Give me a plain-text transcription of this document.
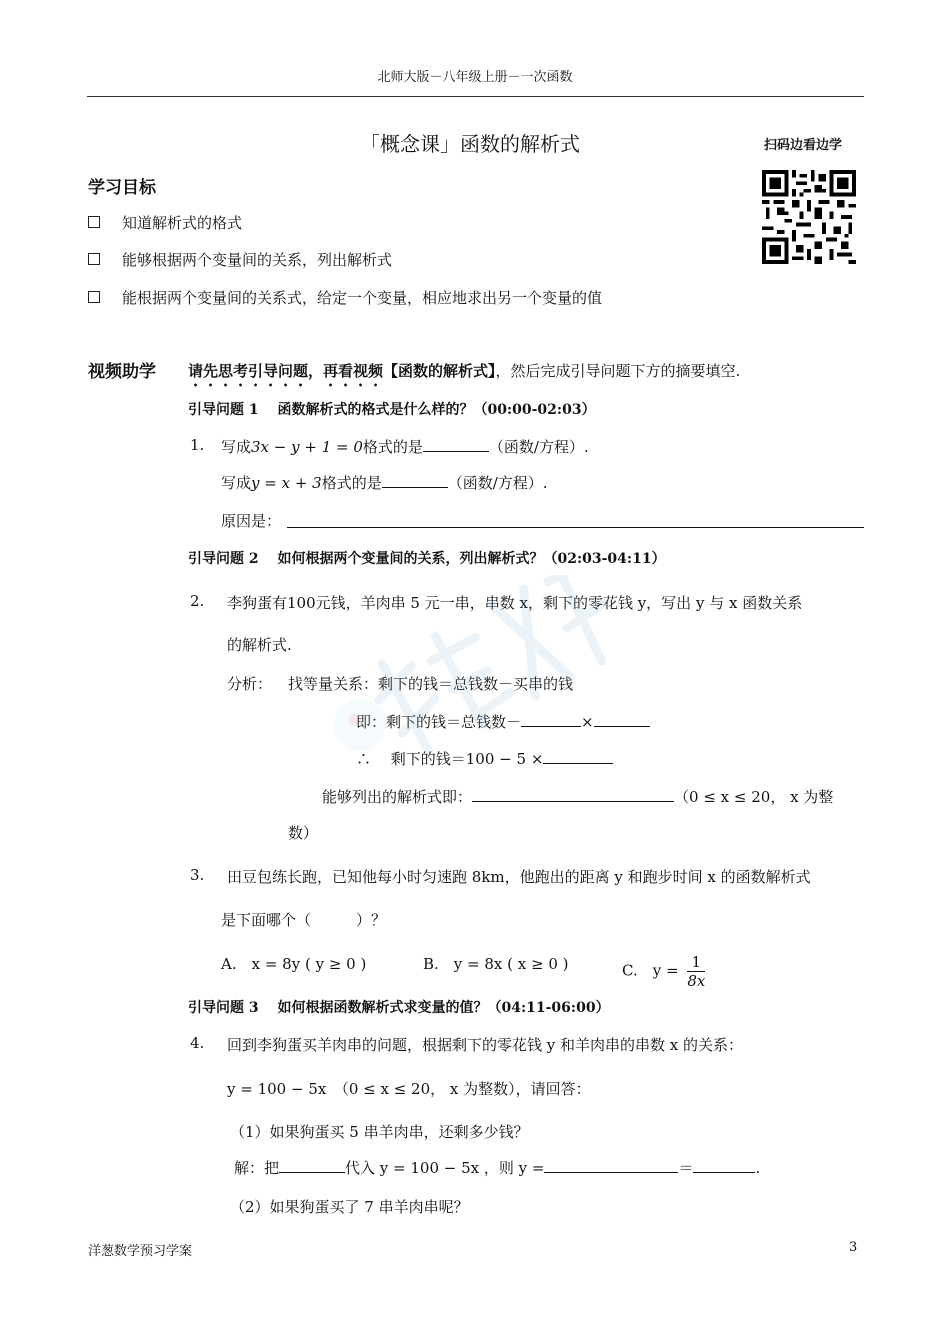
北师大版－八年级上册－一次函数
「概念课」函数的解析式	扫码边看边学
学习目标
知道解析式的格式
能够根据两个变量间的关系，列出解析式
能根据两个变量间的关系式，给定一个变量，相应地求出另一个变量的值
视频助学 请先思考引导问题，再看视频【函数的解析式】，然后完成引导问题下方的摘要填空.
引导问题 1　 函数解析式的格式是什么样的？（00:00-02:03）
1. 写成3x − y + 1 = 0格式的是	（函数/方程）.
写成y = x + 3格式的是	（函数/方程）.
原因是：
引导问题 2　 如何根据两个变量间的关系，列出解析式？（02:03-04:11）
2. 李狗蛋有100元钱，羊肉串 5 元一串，串数 x，剩下的零花钱 y，写出 y 与 x 函数关系
的解析式.
分析： 找等量关系：剩下的钱＝总钱数－买串的钱
即：剩下的钱＝总钱数－	×
∴　 剩下的钱＝100 − 5 ×
能够列出的解析式即：	（0 ≤ x ≤ 20， x 为整
数）
3. 田豆包练长跑，已知他每小时匀速跑 8km，他跑出的距离 y 和跑步时间 x 的函数解析式
是下面哪个（　　　）？
A.　x = 8y ( y ≥ 0 )	B.　y = 8x ( x ≥ 0 )	C.　$y = \frac{1}{8x}$
引导问题 3　 如何根据函数解析式求变量的值？（04:11-06:00）
4. 回到李狗蛋买羊肉串的问题，根据剩下的零花钱 y 和羊肉串的串数 x 的关系：
y = 100 − 5x　（0 ≤ x ≤ 20， x 为整数），请回答：
（1）如果狗蛋买 5 串羊肉串，还剩多少钱？
解：把	代入 y = 100 − 5x ，则 y =	＝	.
（2）如果狗蛋买了 7 串羊肉串呢？
洋葱数学预习学案	3
